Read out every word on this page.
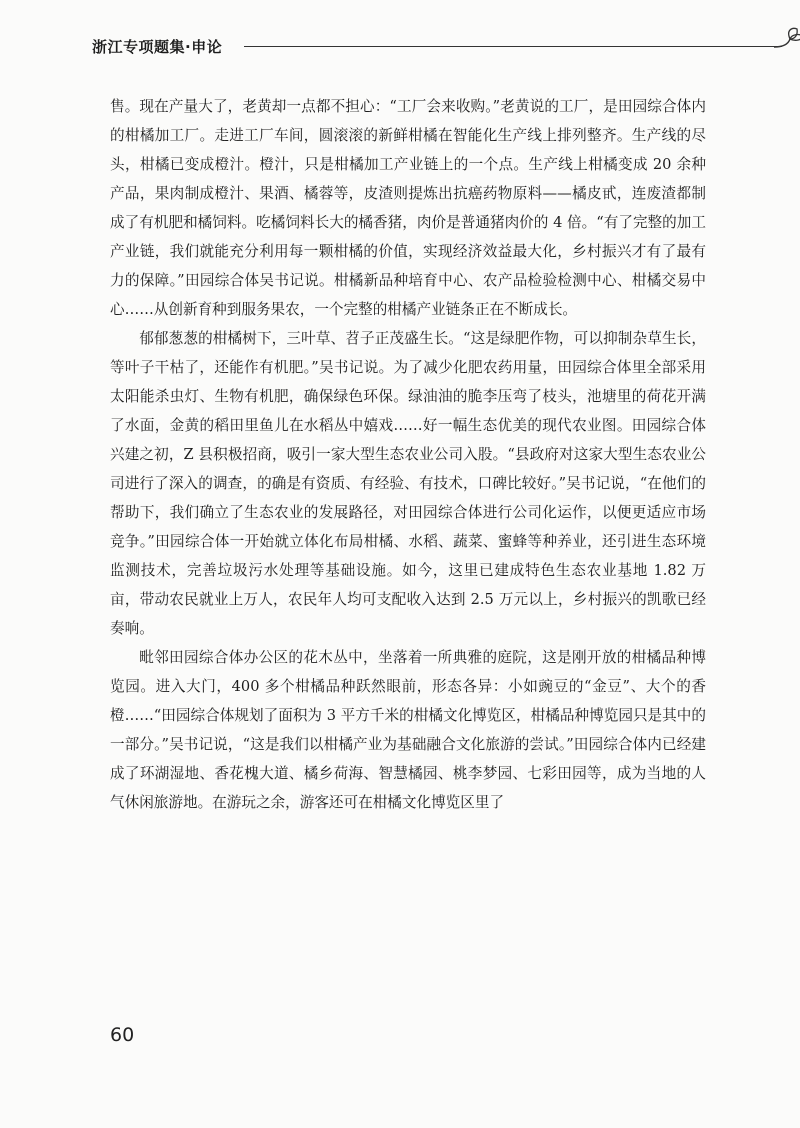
浙江专项题集·申论

售。现在产量大了，老黄却一点都不担心：“工厂会来收购。”老黄说的工厂，是田园综合体内的柑橘加工厂。走进工厂车间，圆滚滚的新鲜柑橘在智能化生产线上排列整齐。生产线的尽头，柑橘已变成橙汁。橙汁，只是柑橘加工产业链上的一个点。生产线上柑橘变成 20 余种产品，果肉制成橙汁、果酒、橘蓉等，皮渣则提炼出抗癌药物原料——橘皮甙，连废渣都制成了有机肥和橘饲料。吃橘饲料长大的橘香猪，肉价是普通猪肉价的 4 倍。“有了完整的加工产业链，我们就能充分利用每一颗柑橘的价值，实现经济效益最大化，乡村振兴才有了最有力的保障。”田园综合体吴书记说。柑橘新品种培育中心、农产品检验检测中心、柑橘交易中心……从创新育种到服务果农，一个完整的柑橘产业链条正在不断成长。

郁郁葱葱的柑橘树下，三叶草、苕子正茂盛生长。“这是绿肥作物，可以抑制杂草生长，等叶子干枯了，还能作有机肥。”吴书记说。为了减少化肥农药用量，田园综合体里全部采用太阳能杀虫灯、生物有机肥，确保绿色环保。绿油油的脆李压弯了枝头，池塘里的荷花开满了水面，金黄的稻田里鱼儿在水稻丛中嬉戏……好一幅生态优美的现代农业图。田园综合体兴建之初，Z 县积极招商，吸引一家大型生态农业公司入股。“县政府对这家大型生态农业公司进行了深入的调查，的确是有资质、有经验、有技术，口碑比较好。”吴书记说，“在他们的帮助下，我们确立了生态农业的发展路径，对田园综合体进行公司化运作，以便更适应市场竞争。”田园综合体一开始就立体化布局柑橘、水稻、蔬菜、蜜蜂等种养业，还引进生态环境监测技术，完善垃圾污水处理等基础设施。如今，这里已建成特色生态农业基地 1.82 万亩，带动农民就业上万人，农民年人均可支配收入达到 2.5 万元以上，乡村振兴的凯歌已经奏响。

毗邻田园综合体办公区的花木丛中，坐落着一所典雅的庭院，这是刚开放的柑橘品种博览园。进入大门，400 多个柑橘品种跃然眼前，形态各异：小如豌豆的“金豆”、大个的香橙……“田园综合体规划了面积为 3 平方千米的柑橘文化博览区，柑橘品种博览园只是其中的一部分。”吴书记说，“这是我们以柑橘产业为基础融合文化旅游的尝试。”田园综合体内已经建成了环湖湿地、香花槐大道、橘乡荷海、智慧橘园、桃李梦园、七彩田园等，成为当地的人气休闲旅游地。在游玩之余，游客还可在柑橘文化博览区里了

60
